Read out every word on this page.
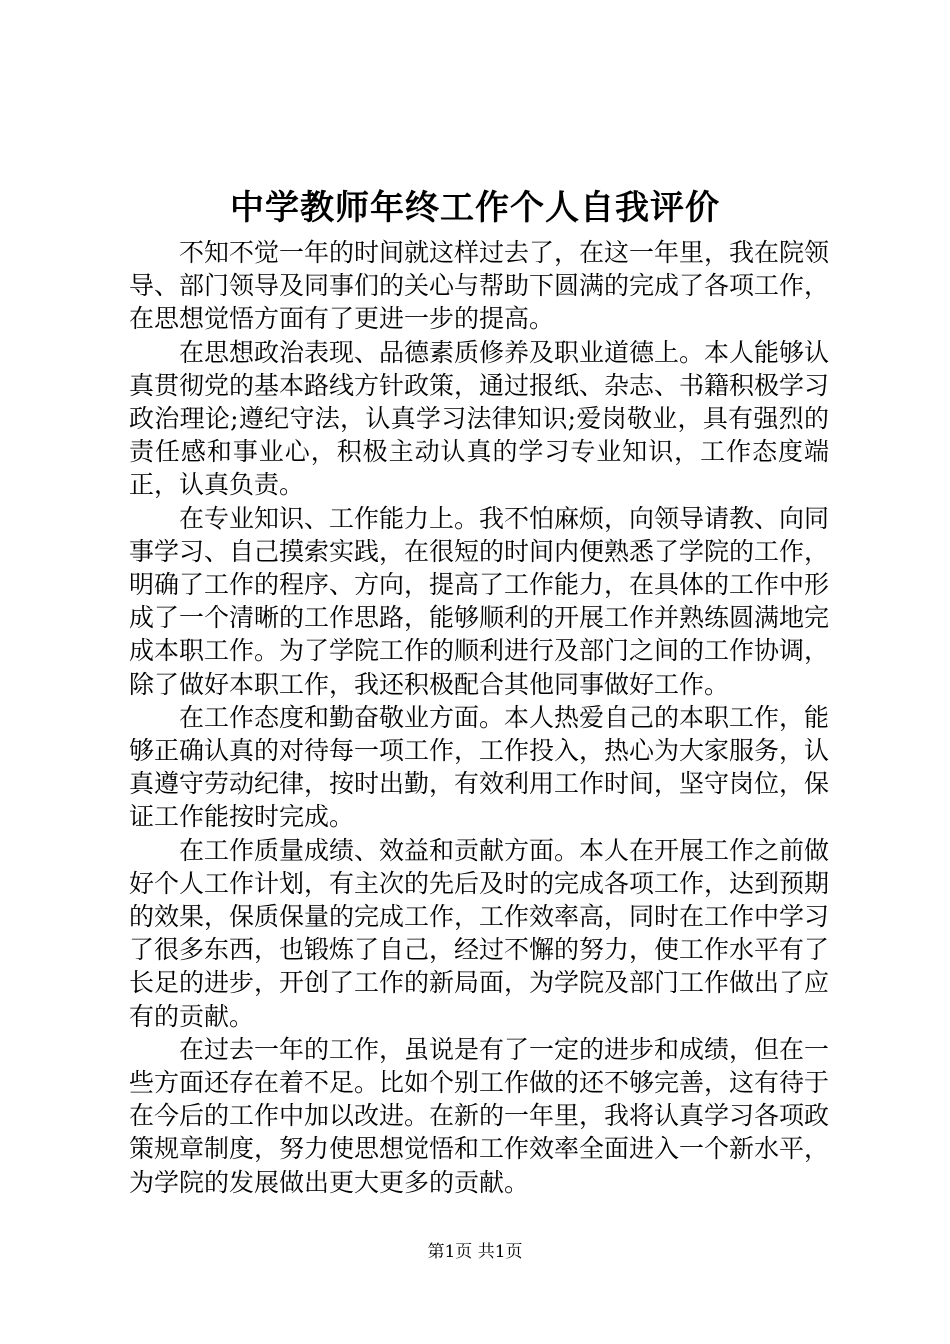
中学教师年终工作个人自我评价

不知不觉一年的时间就这样过去了，在这一年里，我在院领导、部门领导及同事们的关心与帮助下圆满的完成了各项工作，在思想觉悟方面有了更进一步的提高。

在思想政治表现、品德素质修养及职业道德上。本人能够认真贯彻党的基本路线方针政策，通过报纸、杂志、书籍积极学习政治理论;遵纪守法，认真学习法律知识;爱岗敬业，具有强烈的责任感和事业心，积极主动认真的学习专业知识，工作态度端正，认真负责。

在专业知识、工作能力上。我不怕麻烦，向领导请教、向同事学习、自己摸索实践，在很短的时间内便熟悉了学院的工作，明确了工作的程序、方向，提高了工作能力，在具体的工作中形成了一个清晰的工作思路，能够顺利的开展工作并熟练圆满地完成本职工作。为了学院工作的顺利进行及部门之间的工作协调，除了做好本职工作，我还积极配合其他同事做好工作。

在工作态度和勤奋敬业方面。本人热爱自己的本职工作，能够正确认真的对待每一项工作，工作投入，热心为大家服务，认真遵守劳动纪律，按时出勤，有效利用工作时间，坚守岗位，保证工作能按时完成。

在工作质量成绩、效益和贡献方面。本人在开展工作之前做好个人工作计划，有主次的先后及时的完成各项工作，达到预期的效果，保质保量的完成工作，工作效率高，同时在工作中学习了很多东西，也锻炼了自己，经过不懈的努力，使工作水平有了长足的进步，开创了工作的新局面，为学院及部门工作做出了应有的贡献。

在过去一年的工作，虽说是有了一定的进步和成绩，但在一些方面还存在着不足。比如个别工作做的还不够完善，这有待于在今后的工作中加以改进。在新的一年里，我将认真学习各项政策规章制度，努力使思想觉悟和工作效率全面进入一个新水平，为学院的发展做出更大更多的贡献。

第1页 共1页
